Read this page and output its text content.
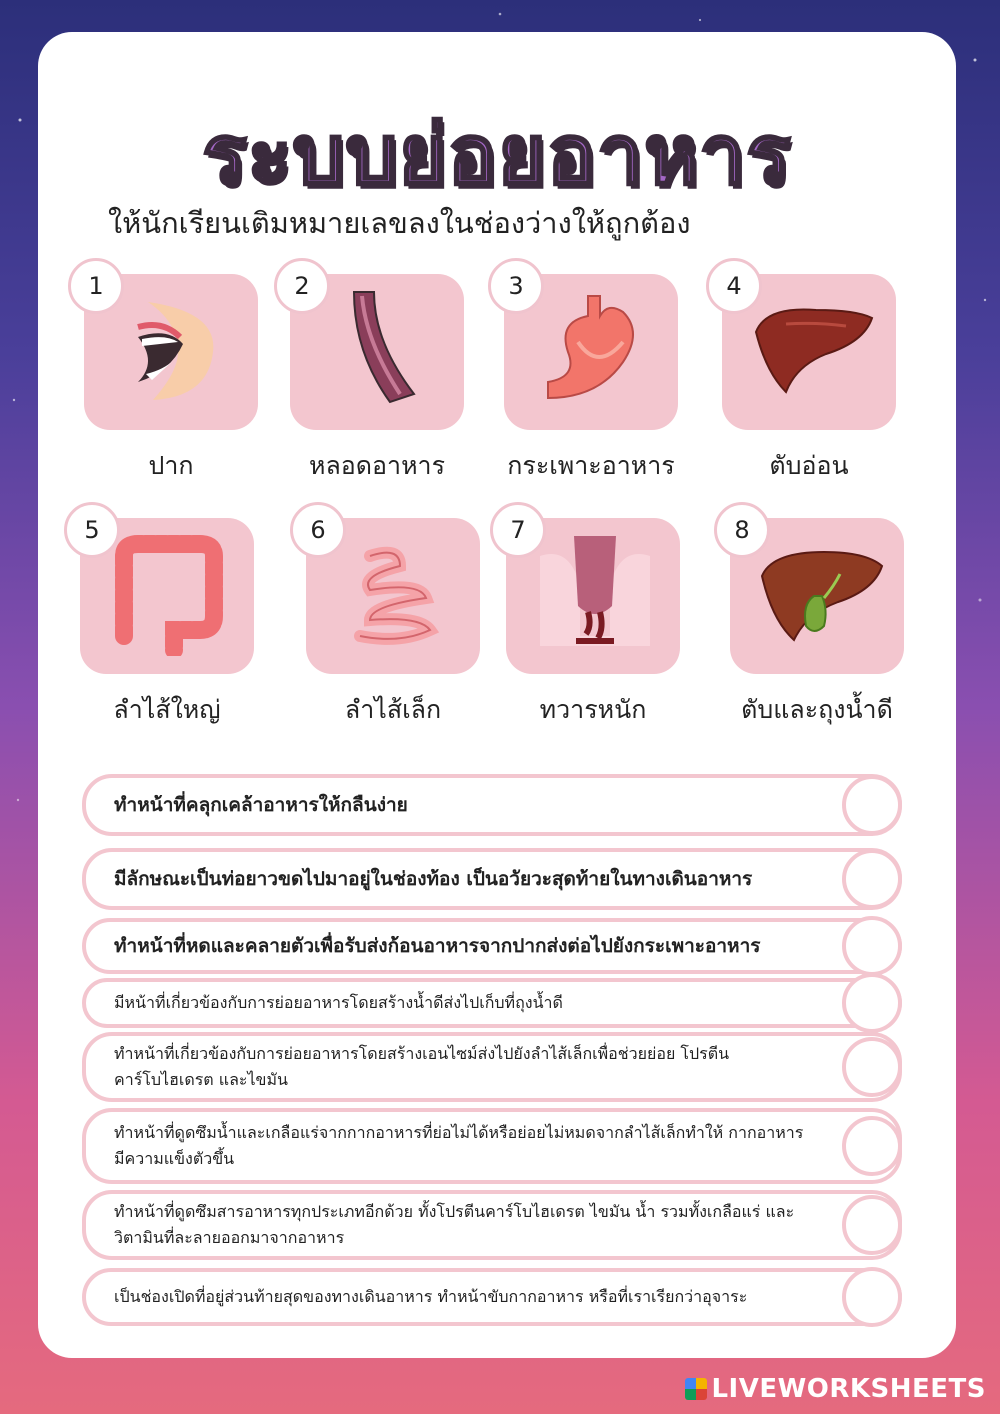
ระบบย่อยอาหาร
ให้นักเรียนเติมหมายเลขลงในช่องว่างให้ถูกต้อง
1
ปาก
2
หลอดอาหาร
3
กระเพาะอาหาร
4
ตับอ่อน
5
ลำไส้ใหญ่
6
ลำไส้เล็ก
7
ทวารหนัก
8
ตับและถุงน้ำดี
ทำหน้าที่คลุกเคล้าอาหารให้กลืนง่าย
มีลักษณะเป็นท่อยาวขดไปมาอยู่ในช่องท้อง เป็นอวัยวะสุดท้ายในทางเดินอาหาร
ทำหน้าที่หดและคลายตัวเพื่อรับส่งก้อนอาหารจากปากส่งต่อไปยังกระเพาะอาหาร
มีหน้าที่เกี่ยวข้องกับการย่อยอาหารโดยสร้างน้ำดีส่งไปเก็บที่ถุงน้ำดี
ทำหน้าที่เกี่ยวข้องกับการย่อยอาหารโดยสร้างเอนไซม์ส่งไปยังลำไส้เล็กเพื่อช่วยย่อย โปรตีน คาร์โบไฮเดรต และไขมัน
ทำหน้าที่ดูดซึมน้ำและเกลือแร่จากกากอาหารที่ย่อไม่ได้หรือย่อยไม่หมดจากลำไส้เล็กทำให้ กากอาหารมีความแข็งตัวขึ้น
ทำหน้าที่ดูดซึมสารอาหารทุกประเภทอีกด้วย ทั้งโปรตีนคาร์โบไฮเดรต ไขมัน น้ำ รวมทั้งเกลือแร่ และวิตามินที่ละลายออกมาจากอาหาร
เป็นช่องเปิดที่อยู่ส่วนท้ายสุดของทางเดินอาหาร ทำหน้าขับกากอาหาร หรือที่เราเรียกว่าอุจาระ
LIVEWORKSHEETS
